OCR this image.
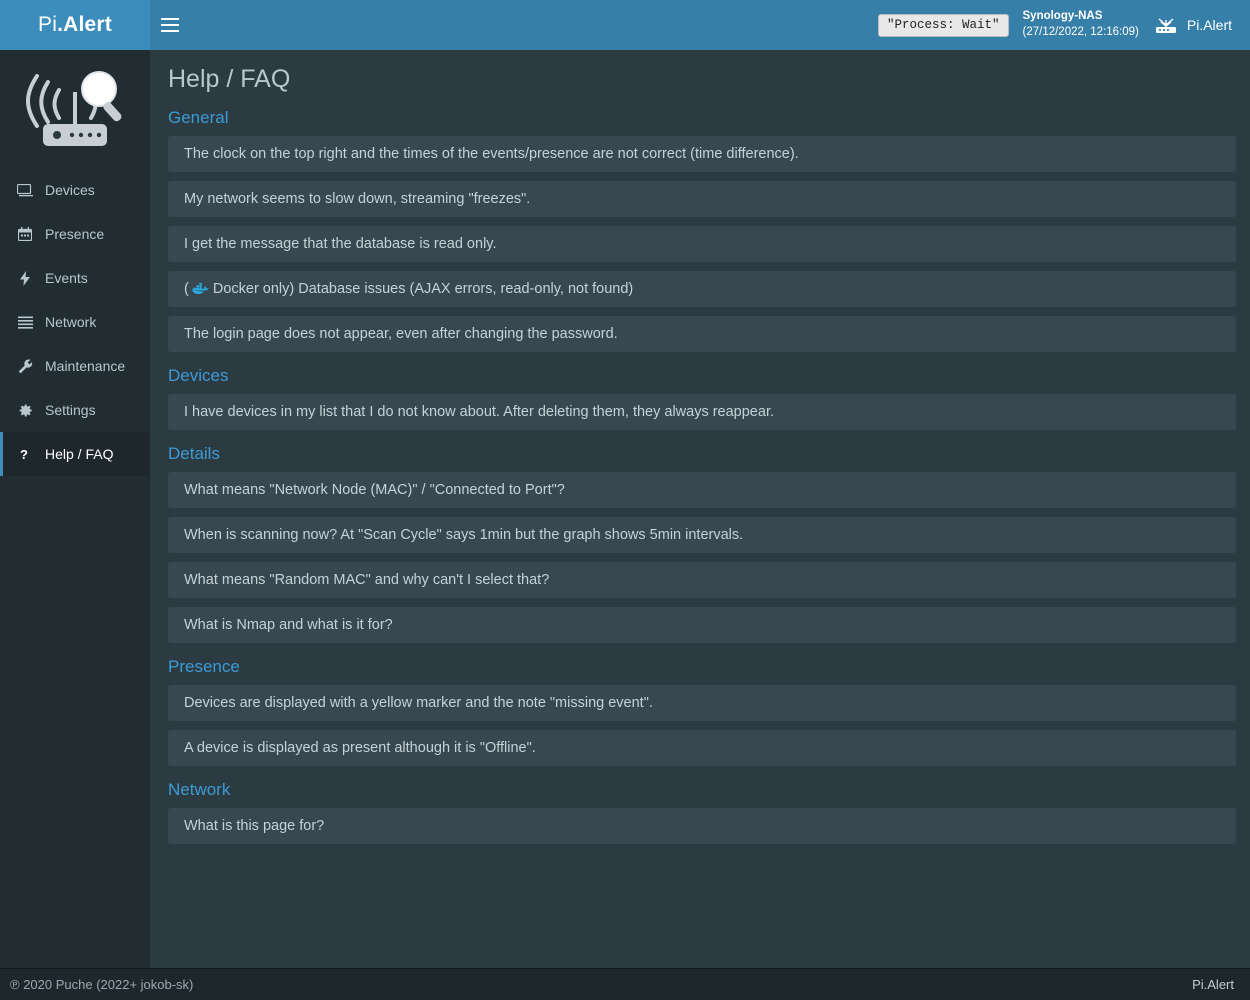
Pi .Alert	"Process: Wait"
Synology-NAS
(27/12/2022, 12:16:09)	Pi.Alert
Devices
Presence
Events
Network
Maintenance
Settings
? Help / FAQ
Help / FAQ
General
The clock on the top right and the times of the events/presence are not correct (time difference).
My network seems to slow down, streaming "freezes".
I get the message that the database is read only.
( Docker only) Database issues (AJAX errors, read-only, not found)
The login page does not appear, even after changing the password.
Devices
I have devices in my list that I do not know about. After deleting them, they always reappear.
Details
What means "Network Node (MAC)" / "Connected to Port"?
When is scanning now? At "Scan Cycle" says 1min but the graph shows 5min intervals.
What means "Random MAC" and why can't I select that?
What is Nmap and what is it for?
Presence
Devices are displayed with a yellow marker and the note "missing event".
A device is displayed as present although it is "Offline".
Network
What is this page for?
℗ 2020 Puche (2022+ jokob-sk)	Pi.Alert
